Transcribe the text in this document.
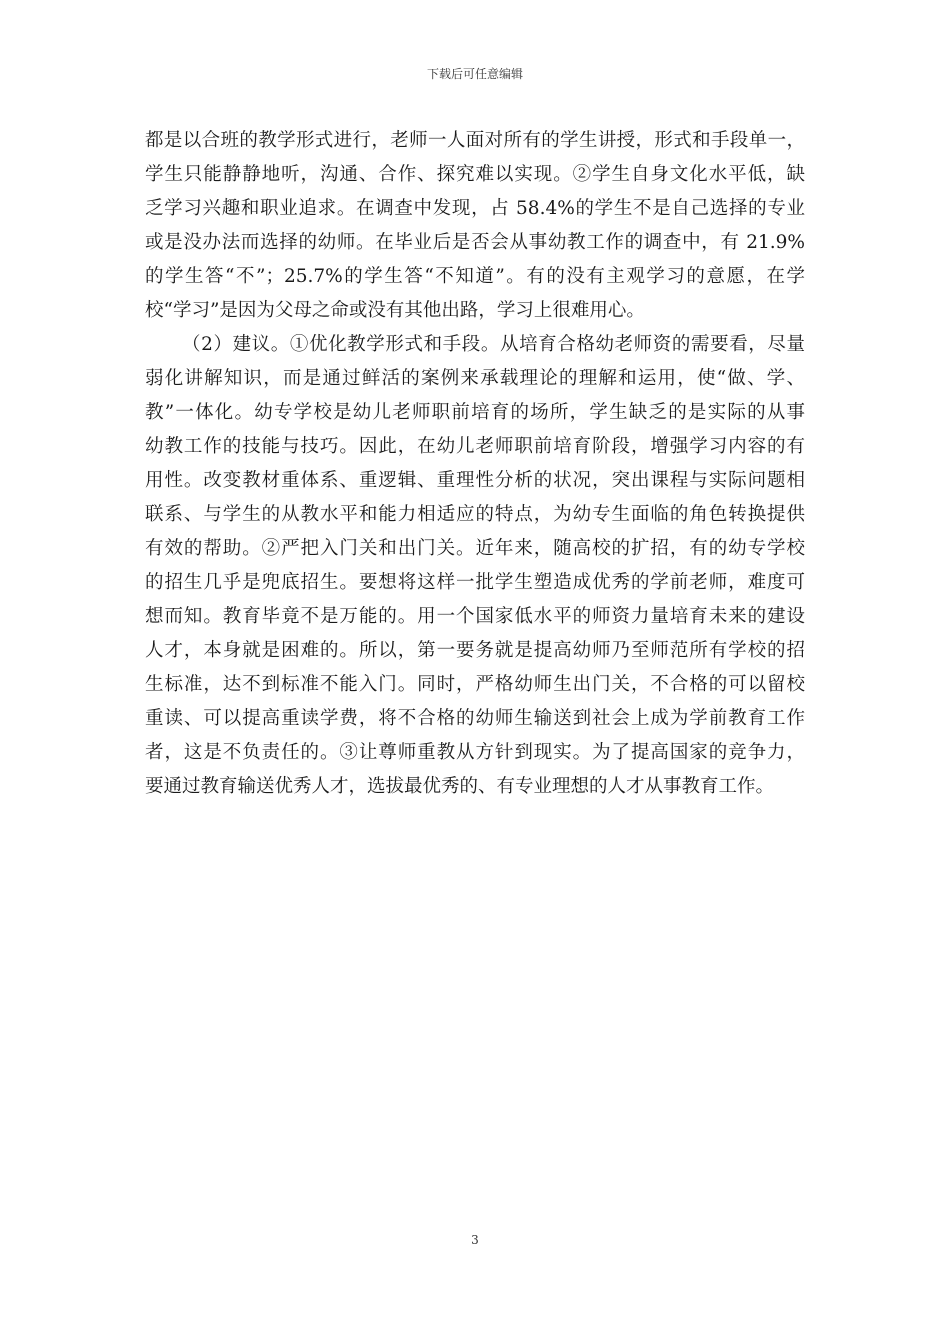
下载后可任意编辑
都是以合班的教学形式进行，老师一人面对所有的学生讲授，形式和手段单一，
学生只能静静地听，沟通、合作、探究难以实现。②学生自身文化水平低，缺
乏学习兴趣和职业追求。在调查中发现，占 58.4%的学生不是自己选择的专业
或是没办法而选择的幼师。在毕业后是否会从事幼教工作的调查中，有 21.9%
的学生答“不”；25.7%的学生答“不知道”。有的没有主观学习的意愿，在学
校“学习”是因为父母之命或没有其他出路，学习上很难用心。
（2）建议。①优化教学形式和手段。从培育合格幼老师资的需要看，尽量
弱化讲解知识，而是通过鲜活的案例来承载理论的理解和运用，使“做、学、
教”一体化。幼专学校是幼儿老师职前培育的场所，学生缺乏的是实际的从事
幼教工作的技能与技巧。因此，在幼儿老师职前培育阶段，增强学习内容的有
用性。改变教材重体系、重逻辑、重理性分析的状况，突出课程与实际问题相
联系、与学生的从教水平和能力相适应的特点，为幼专生面临的角色转换提供
有效的帮助。②严把入门关和出门关。近年来，随高校的扩招，有的幼专学校
的招生几乎是兜底招生。要想将这样一批学生塑造成优秀的学前老师，难度可
想而知。教育毕竟不是万能的。用一个国家低水平的师资力量培育未来的建设
人才，本身就是困难的。所以，第一要务就是提高幼师乃至师范所有学校的招
生标准，达不到标准不能入门。同时，严格幼师生出门关，不合格的可以留校
重读、可以提高重读学费，将不合格的幼师生输送到社会上成为学前教育工作
者，这是不负责任的。③让尊师重教从方针到现实。为了提高国家的竞争力，
要通过教育输送优秀人才，选拔最优秀的、有专业理想的人才从事教育工作。
3
